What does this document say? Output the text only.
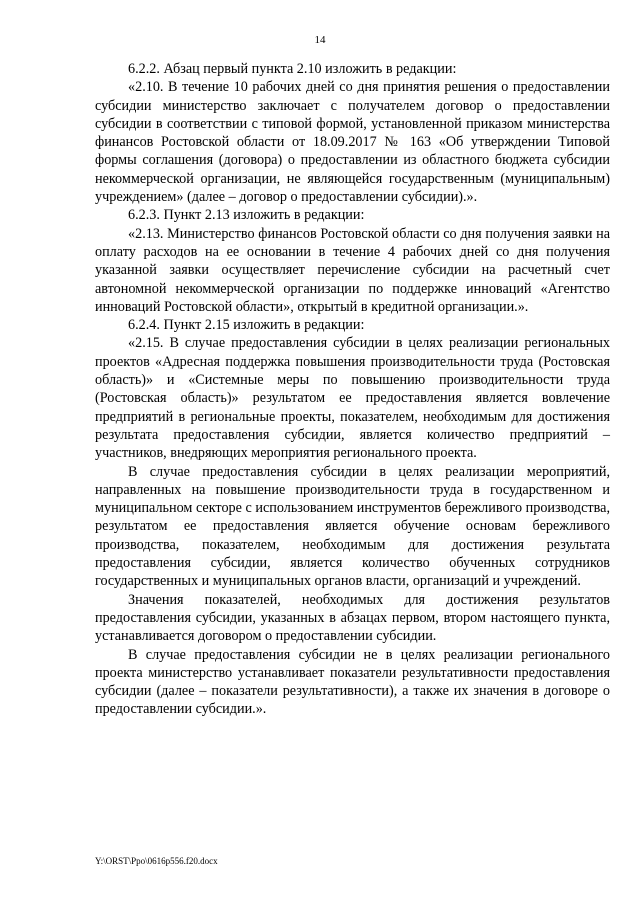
14

6.2.2. Абзац первый пункта 2.10 изложить в редакции:

«2.10. В течение 10 рабочих дней со дня принятия решения о предоставлении субсидии министерство заключает с получателем договор о предоставлении субсидии в соответствии с типовой формой, установленной приказом министерства финансов Ростовской области от 18.09.2017 № 163 «Об утверждении Типовой формы соглашения (договора) о предоставлении из областного бюджета субсидии некоммерческой организации, не являющейся государственным (муниципальным) учреждением» (далее – договор о предоставлении субсидии).».

6.2.3. Пункт 2.13 изложить в редакции:

«2.13. Министерство финансов Ростовской области со дня получения заявки на оплату расходов на ее основании в течение 4 рабочих дней со дня получения указанной заявки осуществляет перечисление субсидии на расчетный счет автономной некоммерческой организации по поддержке инноваций «Агентство инноваций Ростовской области», открытый в кредитной организации.».

6.2.4. Пункт 2.15 изложить в редакции:

«2.15. В случае предоставления субсидии в целях реализации региональных проектов «Адресная поддержка повышения производительности труда (Ростовская область)» и «Системные меры по повышению производительности труда (Ростовская область)» результатом ее предоставления является вовлечение предприятий в региональные проекты, показателем, необходимым для достижения результата предоставления субсидии, является количество предприятий – участников, внедряющих мероприятия регионального проекта.

В случае предоставления субсидии в целях реализации мероприятий, направленных на повышение производительности труда в государственном и муниципальном секторе с использованием инструментов бережливого производства, результатом ее предоставления является обучение основам бережливого производства, показателем, необходимым для достижения результата предоставления субсидии, является количество обученных сотрудников государственных и муниципальных органов власти, организаций и учреждений.

Значения показателей, необходимых для достижения результатов предоставления субсидии, указанных в абзацах первом, втором настоящего пункта, устанавливается договором о предоставлении субсидии.

В случае предоставления субсидии не в целях реализации регионального проекта министерство устанавливает показатели результативности предоставления субсидии (далее – показатели результативности), а также их значения в договоре о предоставлении субсидии.».

Y:\ORST\Ppo\0616p556.f20.docx
